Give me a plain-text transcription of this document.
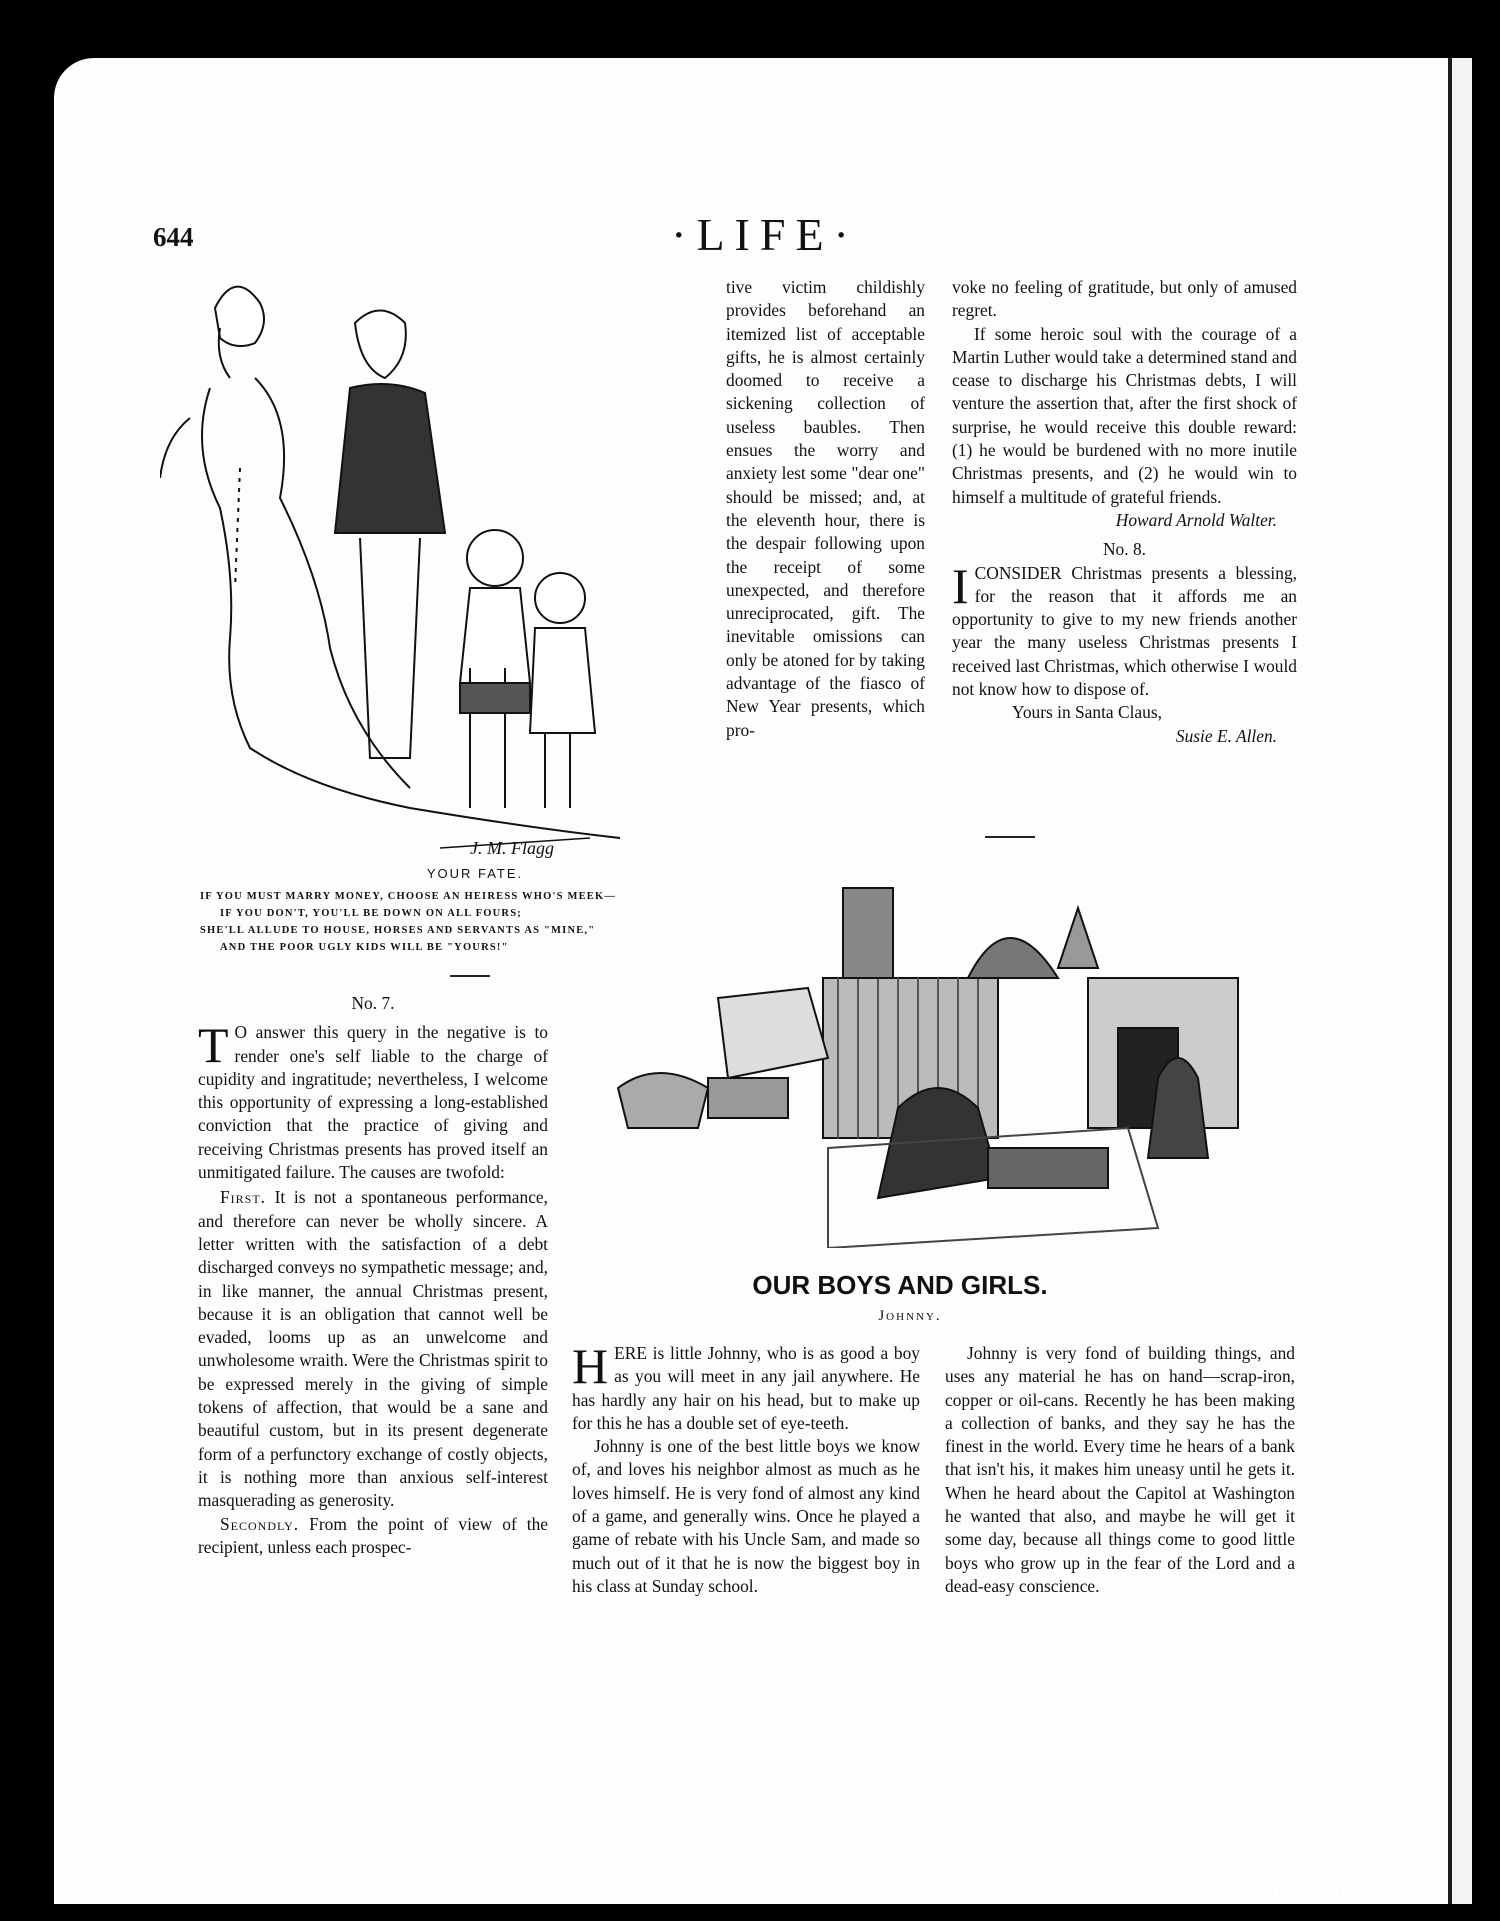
644	·LIFE·
J. M. Flagg
YOUR FATE.
IF YOU MUST MARRY MONEY, CHOOSE AN HEIRESS WHO'S MEEK—
IF YOU DON'T, YOU'LL BE DOWN ON ALL FOURS;
SHE'LL ALLUDE TO HOUSE, HORSES AND SERVANTS AS "MINE,"
AND THE POOR UGLY KIDS WILL BE "YOURS!"

No. 7.

T O answer this query in the negative is to render one's self liable to the charge of cupidity and ingratitude; nevertheless, I welcome this opportunity of expressing a long-established conviction that the practice of giving and receiving Christmas presents has proved itself an unmitigated failure. The causes are twofold:

First. It is not a spontaneous performance, and therefore can never be wholly sincere. A letter written with the satisfaction of a debt discharged conveys no sympathetic message; and, in like manner, the annual Christmas present, because it is an obligation that cannot well be evaded, looms up as an unwelcome and unwholesome wraith. Were the Christmas spirit to be expressed merely in the giving of simple tokens of affection, that would be a sane and beautiful custom, but in its present degenerate form of a perfunctory exchange of costly objects, it is nothing more than anxious self-interest masquerading as generosity.

Secondly. From the point of view of the recipient, unless each prospec-

tive victim childishly provides beforehand an itemized list of acceptable gifts, he is almost certainly doomed to receive a sickening collection of useless baubles. Then ensues the worry and anxiety lest some "dear one" should be missed; and, at the eleventh hour, there is the despair following upon the receipt of some unexpected, and therefore unreciprocated, gift. The inevitable omissions can only be atoned for by taking advantage of the fiasco of New Year presents, which pro-

voke no feeling of gratitude, but only of amused regret.

If some heroic soul with the courage of a Martin Luther would take a determined stand and cease to discharge his Christmas debts, I will venture the assertion that, after the first shock of surprise, he would receive this double reward: (1) he would be burdened with no more inutile Christmas presents, and (2) he would win to himself a multitude of grateful friends.

Howard Arnold Walter.

No. 8.

ICONSIDER Christmas presents a blessing, for the reason that it affords me an opportunity to give to my new friends another year the many useless Christmas presents I received last Christmas, which otherwise I would not know how to dispose of.

Yours in Santa Claus,

Susie E. Allen.

OUR BOYS AND GIRLS.
Johnny.

HERE is little Johnny, who is as good a boy as you will meet in any jail anywhere. He has hardly any hair on his head, but to make up for this he has a double set of eye-teeth.

Johnny is one of the best little boys we know of, and loves his neighbor almost as much as he loves himself. He is very fond of almost any kind of a game, and generally wins. Once he played a game of rebate with his Uncle Sam, and made so much out of it that he is now the biggest boy in his class at Sunday school.

Johnny is very fond of building things, and uses any material he has on hand—scrap-iron, copper or oil-cans. Recently he has been making a collection of banks, and they say he has the finest in the world. Every time he hears of a bank that isn't his, it makes him uneasy until he gets it. When he heard about the Capitol at Washington he wanted that also, and maybe he will get it some day, because all things come to good little boys who grow up in the fear of the Lord and a dead-easy conscience.

comicbooks.com
